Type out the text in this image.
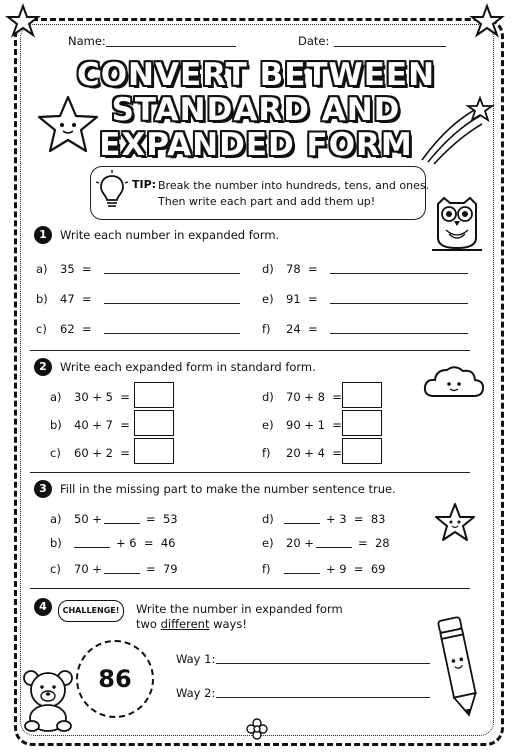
Name:	Date:
CONVERT BETWEEN
STANDARD AND
EXPANDED FORM
TIP: Break the number into hundreds, tens, and ones.
Then write each part and add them up!
1	Write each number in expanded form.
a) 35  =	d) 78  =
b) 47  =	e) 91  =
c) 62  =	f) 24  =
2	Write each expanded form in standard form.
a) 30 + 5  =	d) 70 + 8  =
b) 40 + 7  =	e) 90 + 1  =
c) 60 + 2  =	f) 20 + 4  =
3	Fill in the missing part to make the number sentence true.
a) 50 +	=  53	d)	+ 3  =  83
b)	+ 6  =  46	e) 20 +	=  28
c) 70 +	=  79	f)	+ 9  =  69
4	CHALLENGE!	Write the number in expanded form
two different ways!
86
Way 1:
Way 2:
